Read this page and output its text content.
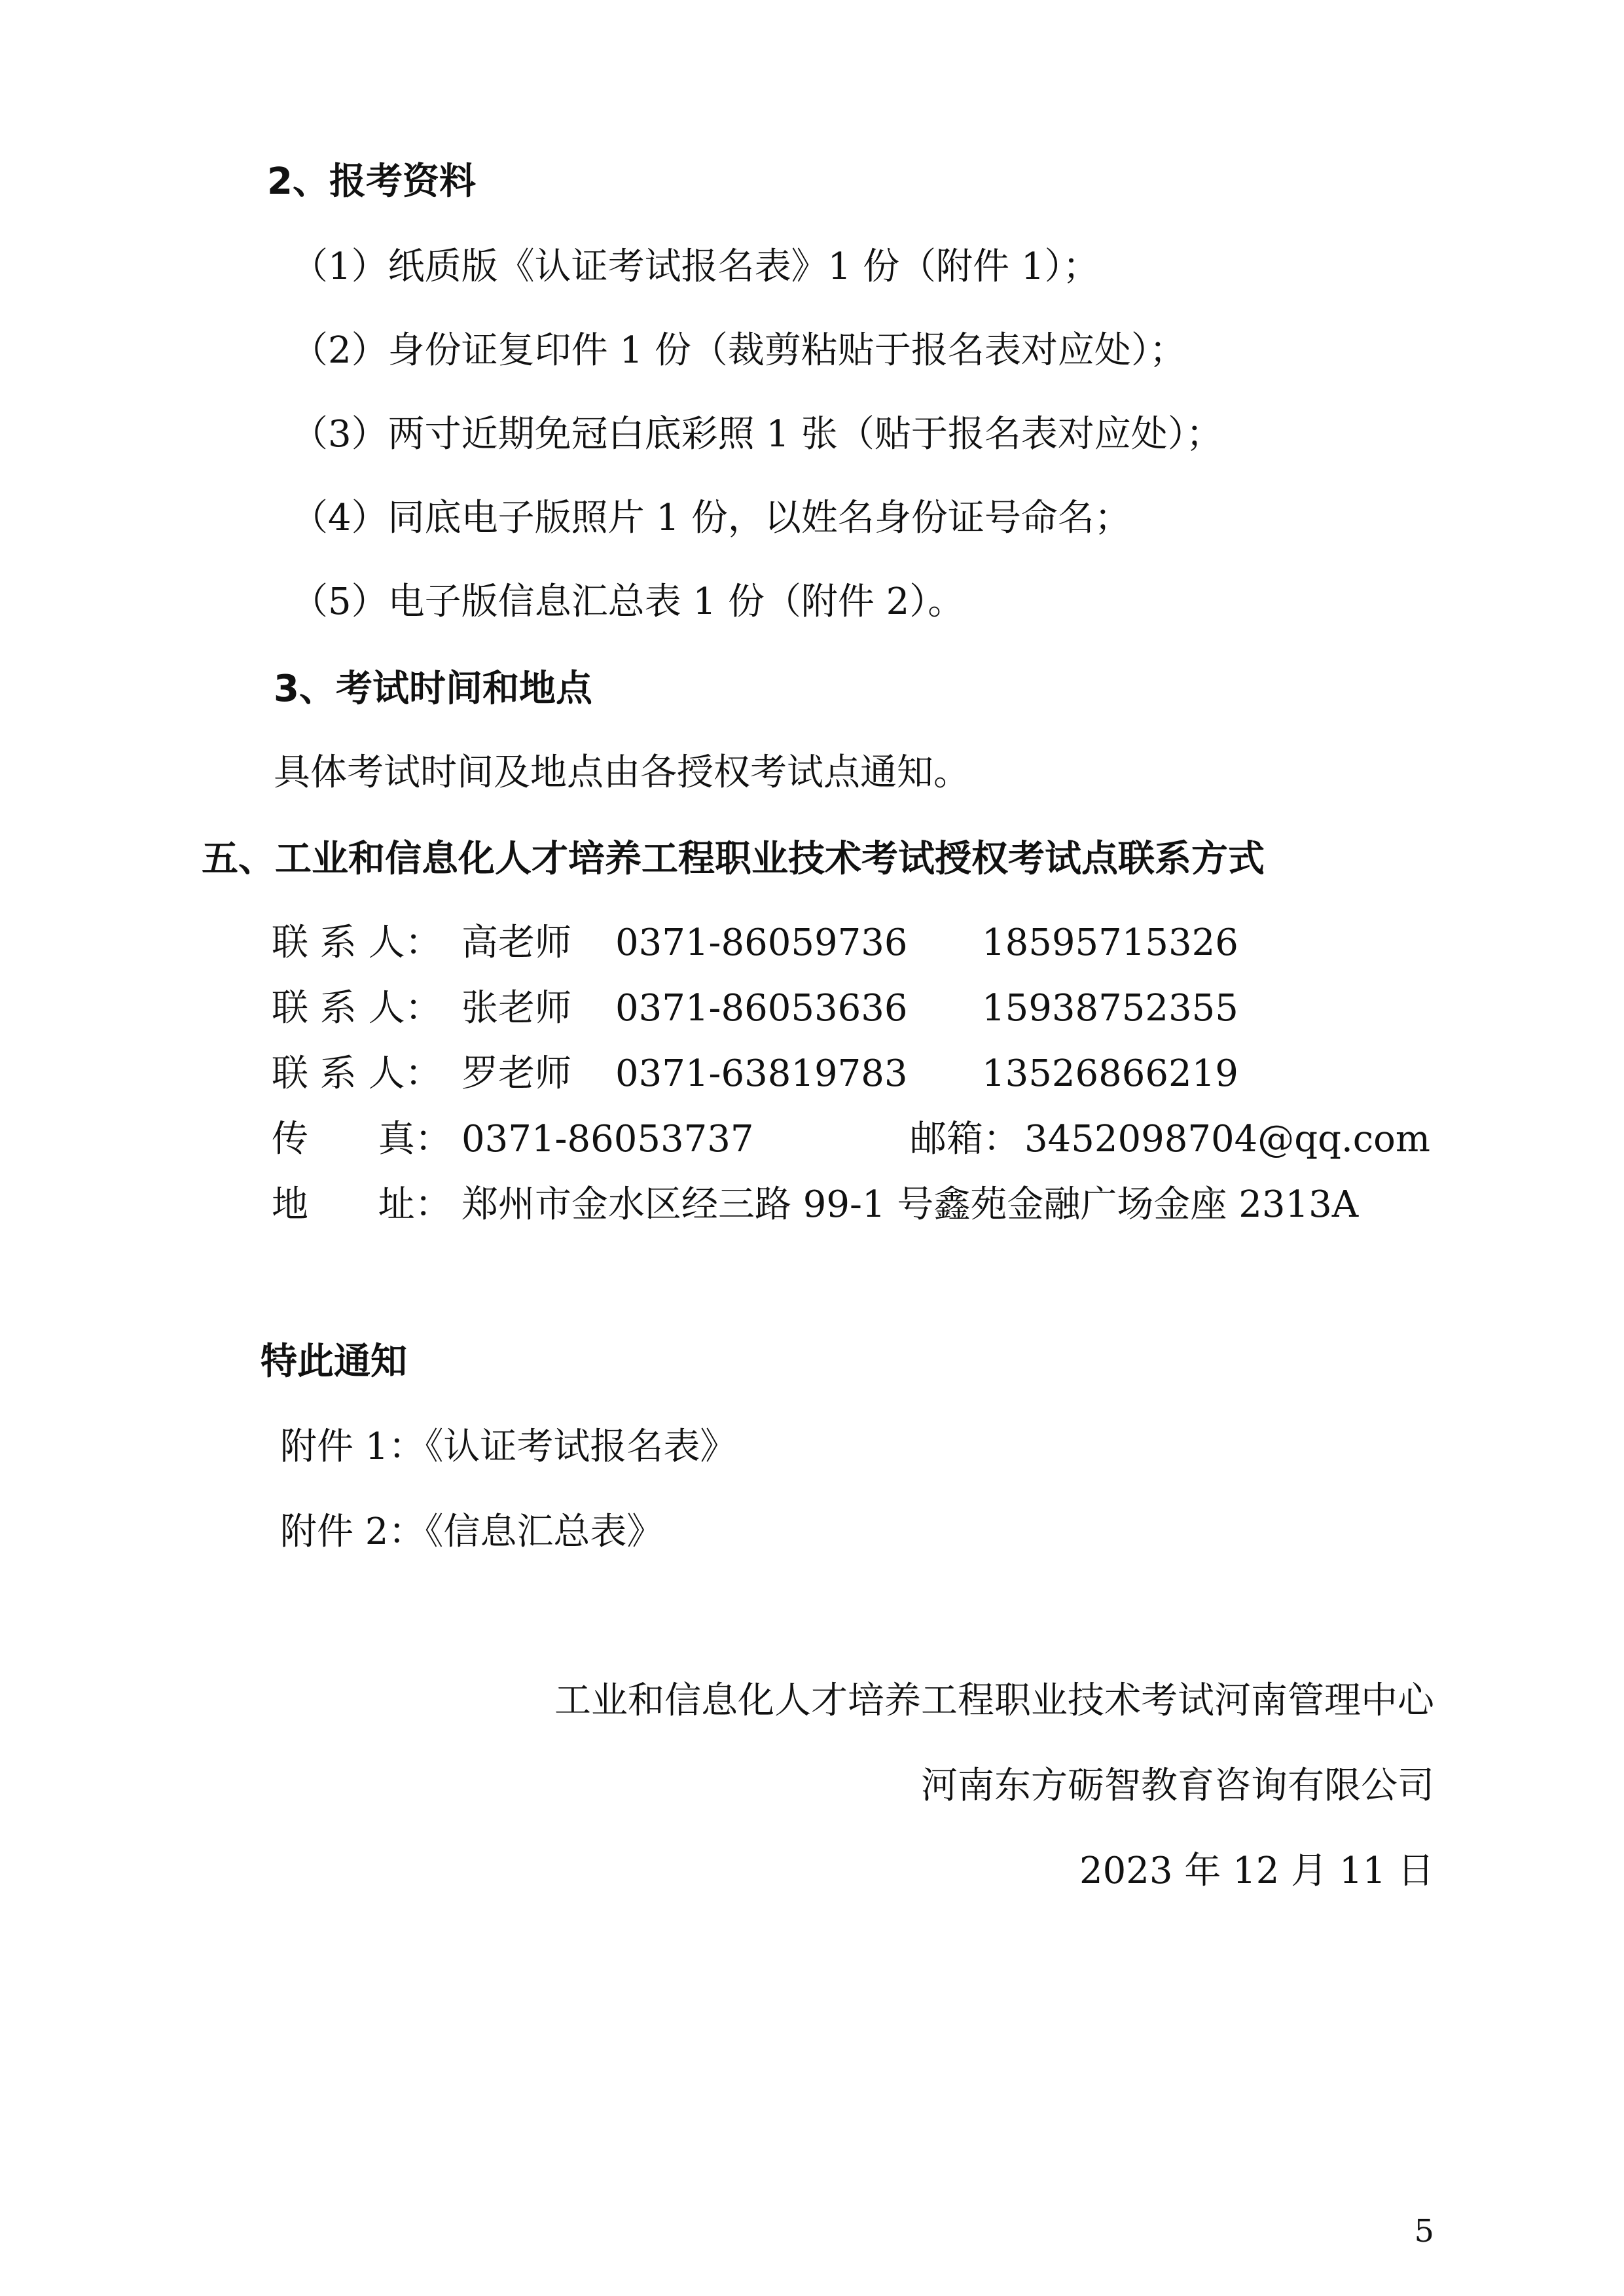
2、报考资料
（1）纸质版《认证考试报名表》1 份（附件 1）；
（2）身份证复印件 1 份（裁剪粘贴于报名表对应处）；
（3）两寸近期免冠白底彩照 1 张（贴于报名表对应处）；
（4）同底电子版照片 1 份，以姓名身份证号命名；
（5）电子版信息汇总表 1 份（附件 2）。
3、考试时间和地点
具体考试时间及地点由各授权考试点通知。
五、工业和信息化人才培养工程职业技术考试授权考试点联系方式
联 系 人： 高老师 0371-86059736 18595715326
联 系 人： 张老师 0371-86053636 15938752355
联 系 人： 罗老师 0371-63819783 13526866219
传      真： 0371-86053737	邮箱： 3452098704@qq.com
地      址： 郑州市金水区经三路 99-1 号鑫苑金融广场金座 2313A
特此通知
附件 1：《认证考试报名表》
附件 2：《信息汇总表》
工业和信息化人才培养工程职业技术考试河南管理中心
河南东方砺智教育咨询有限公司
2023 年 12 月 11 日
5
